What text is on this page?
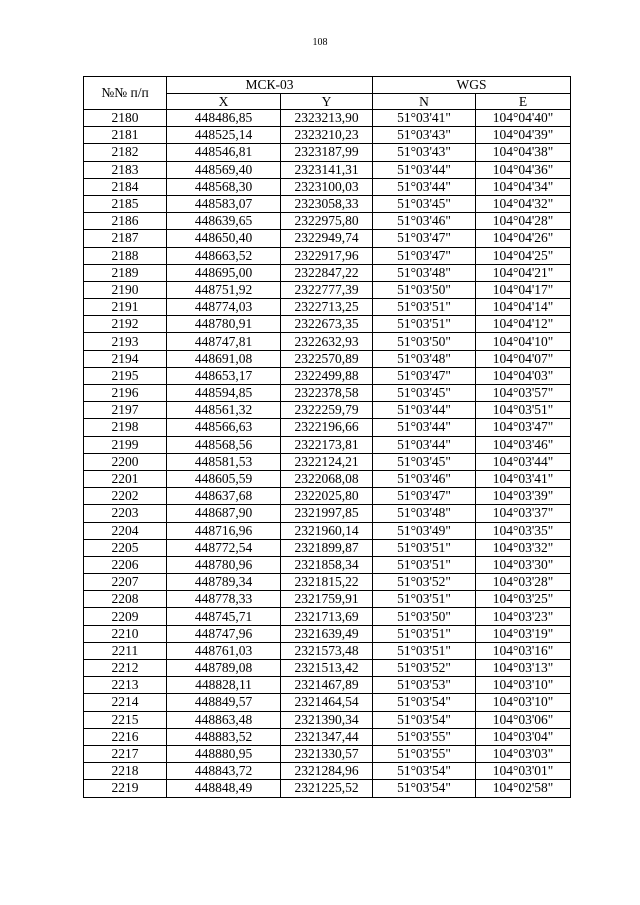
108
№№ п/п	МСК-03		WGS	
	X	Y	N	E
2180	448486,85	2323213,90	51°03'41"	104°04'40"
2181	448525,14	2323210,23	51°03'43"	104°04'39"
2182	448546,81	2323187,99	51°03'43"	104°04'38"
2183	448569,40	2323141,31	51°03'44"	104°04'36"
2184	448568,30	2323100,03	51°03'44"	104°04'34"
2185	448583,07	2323058,33	51°03'45"	104°04'32"
2186	448639,65	2322975,80	51°03'46"	104°04'28"
2187	448650,40	2322949,74	51°03'47"	104°04'26"
2188	448663,52	2322917,96	51°03'47"	104°04'25"
2189	448695,00	2322847,22	51°03'48"	104°04'21"
2190	448751,92	2322777,39	51°03'50"	104°04'17"
2191	448774,03	2322713,25	51°03'51"	104°04'14"
2192	448780,91	2322673,35	51°03'51"	104°04'12"
2193	448747,81	2322632,93	51°03'50"	104°04'10"
2194	448691,08	2322570,89	51°03'48"	104°04'07"
2195	448653,17	2322499,88	51°03'47"	104°04'03"
2196	448594,85	2322378,58	51°03'45"	104°03'57"
2197	448561,32	2322259,79	51°03'44"	104°03'51"
2198	448566,63	2322196,66	51°03'44"	104°03'47"
2199	448568,56	2322173,81	51°03'44"	104°03'46"
2200	448581,53	2322124,21	51°03'45"	104°03'44"
2201	448605,59	2322068,08	51°03'46"	104°03'41"
2202	448637,68	2322025,80	51°03'47"	104°03'39"
2203	448687,90	2321997,85	51°03'48"	104°03'37"
2204	448716,96	2321960,14	51°03'49"	104°03'35"
2205	448772,54	2321899,87	51°03'51"	104°03'32"
2206	448780,96	2321858,34	51°03'51"	104°03'30"
2207	448789,34	2321815,22	51°03'52"	104°03'28"
2208	448778,33	2321759,91	51°03'51"	104°03'25"
2209	448745,71	2321713,69	51°03'50"	104°03'23"
2210	448747,96	2321639,49	51°03'51"	104°03'19"
2211	448761,03	2321573,48	51°03'51"	104°03'16"
2212	448789,08	2321513,42	51°03'52"	104°03'13"
2213	448828,11	2321467,89	51°03'53"	104°03'10"
2214	448849,57	2321464,54	51°03'54"	104°03'10"
2215	448863,48	2321390,34	51°03'54"	104°03'06"
2216	448883,52	2321347,44	51°03'55"	104°03'04"
2217	448880,95	2321330,57	51°03'55"	104°03'03"
2218	448843,72	2321284,96	51°03'54"	104°03'01"
2219	448848,49	2321225,52	51°03'54"	104°02'58"
